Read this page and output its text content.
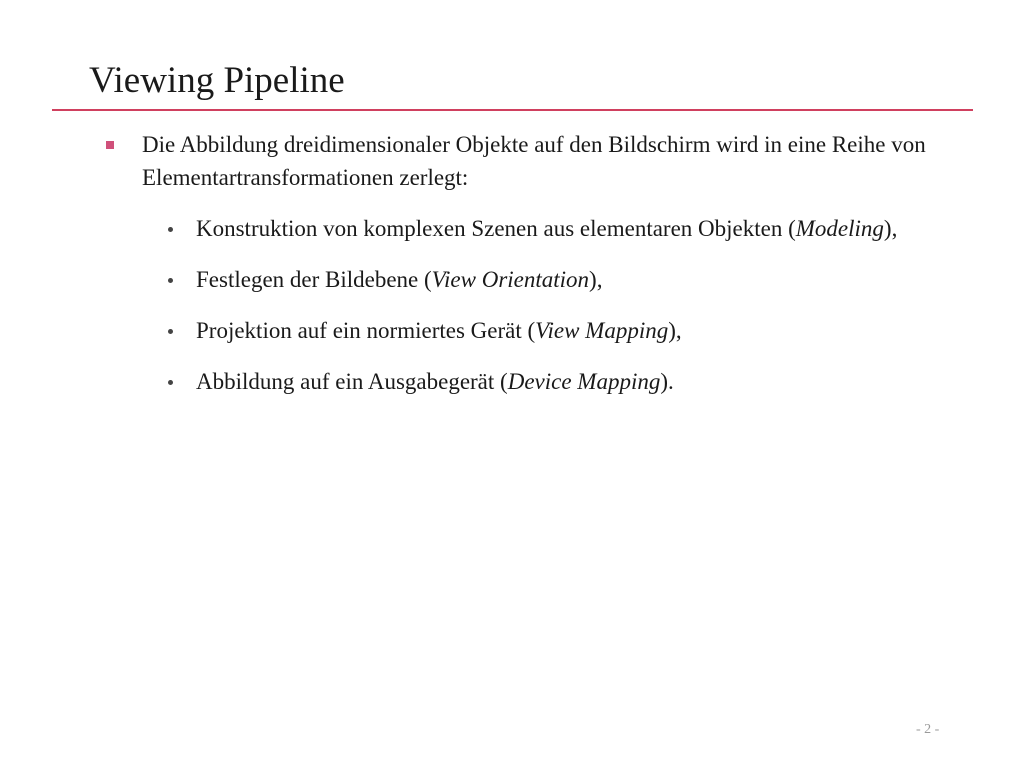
Viewing Pipeline
Die Abbildung dreidimensionaler Objekte auf den Bildschirm wird in eine Reihe von Elementartransformationen zerlegt:
Konstruktion von komplexen Szenen aus elementaren Objekten (Modeling),
Festlegen der Bildebene (View Orientation),
Projektion auf ein normiertes Gerät (View Mapping),
Abbildung auf ein Ausgabegerät (Device Mapping).
- 2 -
